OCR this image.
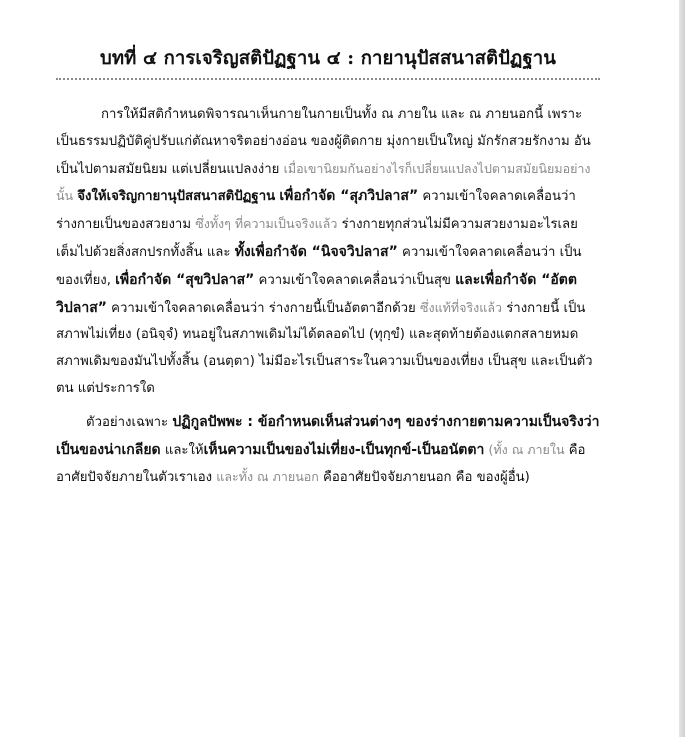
บทที่ ๔ การเจริญสติปัฏฐาน ๔ : กายานุปัสสนาสติปัฏฐาน

การให้มีสติกำหนดพิจารณาเห็นกายในกายเป็นทั้ง ณ ภายใน และ ณ ภายนอกนี้ เพราะเป็นธรรมปฏิบัติคู่ปรับแก่ตัณหาจริตอย่างอ่อน ของผู้ติดกาย มุ่งกายเป็นใหญ่ มักรักสวยรักงาม อันเป็นไปตามสมัยนิยม แต่เปลี่ยนแปลงง่าย เมื่อเขานิยมกันอย่างไรก็เปลี่ยนแปลงไปตามสมัยนิยมอย่างนั้น จึงให้เจริญกายานุปัสสนาสติปัฏฐาน เพื่อกำจัด “สุภวิปลาส” ความเข้าใจคลาดเคลื่อนว่า ร่างกายเป็นของสวยงาม ซึ่งทั้งๆ ที่ความเป็นจริงแล้ว ร่างกายทุกส่วนไม่มีความสวยงามอะไรเลย เต็มไปด้วยสิ่งสกปรกทั้งสิ้น และ ทั้งเพื่อกำจัด “นิจจวิปลาส” ความเข้าใจคลาดเคลื่อนว่า เป็นของเที่ยง, เพื่อกำจัด “สุขวิปลาส” ความเข้าใจคลาดเคลื่อนว่าเป็นสุข และเพื่อกำจัด “อัตตวิปลาส” ความเข้าใจคลาดเคลื่อนว่า ร่างกายนี้เป็นอัตตาอีกด้วย ซึ่งแท้ที่จริงแล้ว ร่างกายนี้ เป็นสภาพไม่เที่ยง (อนิจฺจํ) ทนอยู่ในสภาพเดิมไม่ได้ตลอดไป (ทุกฺขํ) และสุดท้ายต้องแตกสลายหมดสภาพเดิมของมันไปทั้งสิ้น (อนตฺตา) ไม่มีอะไรเป็นสาระในความเป็นของเที่ยง เป็นสุข และเป็นตัวตน แต่ประการใด

ตัวอย่างเฉพาะ ปฏิกูลปัพพะ : ข้อกำหนดเห็นส่วนต่างๆ ของร่างกายตามความเป็นจริงว่าเป็นของน่าเกลียด และให้เห็นความเป็นของไม่เที่ยง-เป็นทุกข์-เป็นอนัตตา (ทั้ง ณ ภายใน คืออาศัยปัจจัยภายในตัวเราเอง และทั้ง ณ ภายนอก คืออาศัยปัจจัยภายนอก คือ ของผู้อื่น)
